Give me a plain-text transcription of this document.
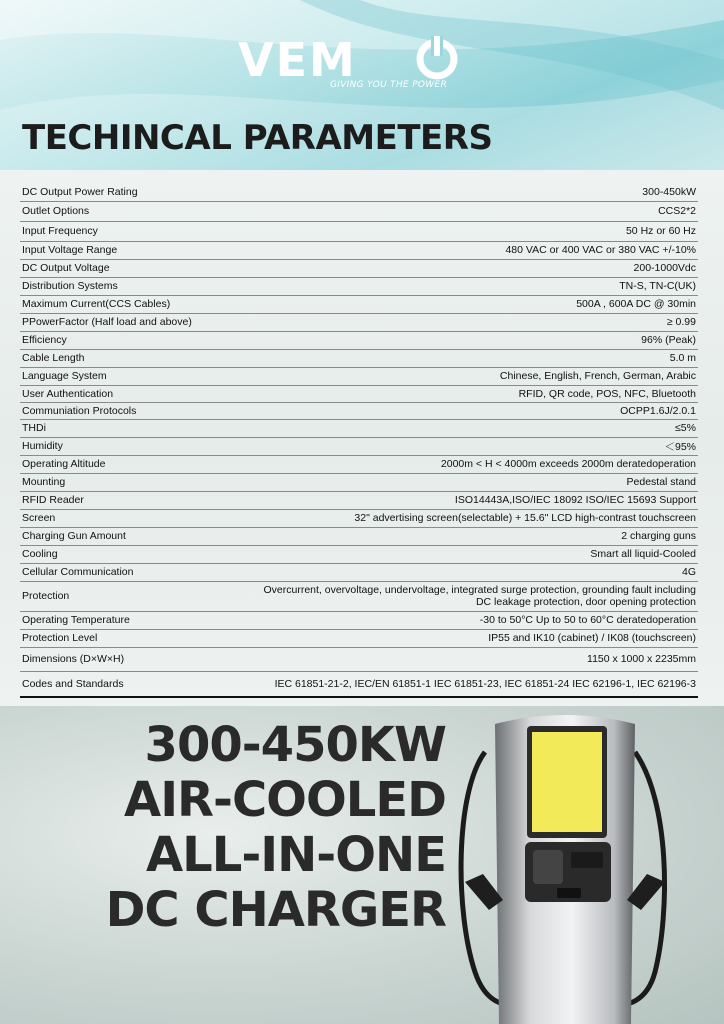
VEM
GIVING YOU THE POWER
TECHINCAL PARAMETERS
DC Output Power Rating	300-450kW
Outlet Options	CCS2*2
Input Frequency	50 Hz or 60 Hz
Input Voltage Range	480 VAC or 400 VAC or 380 VAC +/-10%
DC Output Voltage	200-1000Vdc
Distribution Systems	TN-S, TN-C(UK)
Maximum Current(CCS Cables)	500A , 600A DC @ 30min
PPowerFactor (Half load and above)	≥ 0.99
Efficiency	96% (Peak)
Cable Length	5.0 m
Language System	Chinese, English, French, German, Arabic
User Authentication	RFID, QR code, POS, NFC, Bluetooth
Communiation Protocols	OCPP1.6J/2.0.1
THDi	≤5%
Humidity	＜95%
Operating Altitude	2000m < H < 4000m exceeds 2000m deratedoperation
Mounting	Pedestal stand
RFID Reader	ISO14443A,ISO/IEC 18092 ISO/IEC 15693 Support
Screen	32" advertising screen(selectable) + 15.6" LCD high-contrast touchscreen
Charging Gun Amount	2 charging guns
Cooling	Smart all liquid-Cooled
Cellular Communication	4G
Protection	Overcurrent, overvoltage, undervoltage, integrated surge protection, grounding fault including
DC leakage protection, door opening protection

Operating Temperature	-30 to 50°C Up to 50 to 60°C deratedoperation
Protection Level	IP55 and IK10 (cabinet) / IK08 (touchscreen)
Dimensions (D×W×H)	1150 x 1000 x 2235mm
Codes and Standards	IEC 61851-21-2, IEC/EN 61851-1 IEC 61851-23, IEC 61851-24 IEC 62196-1, IEC 62196-3
300-450KW
AIR-COOLED
ALL-IN-ONE
DC CHARGER
